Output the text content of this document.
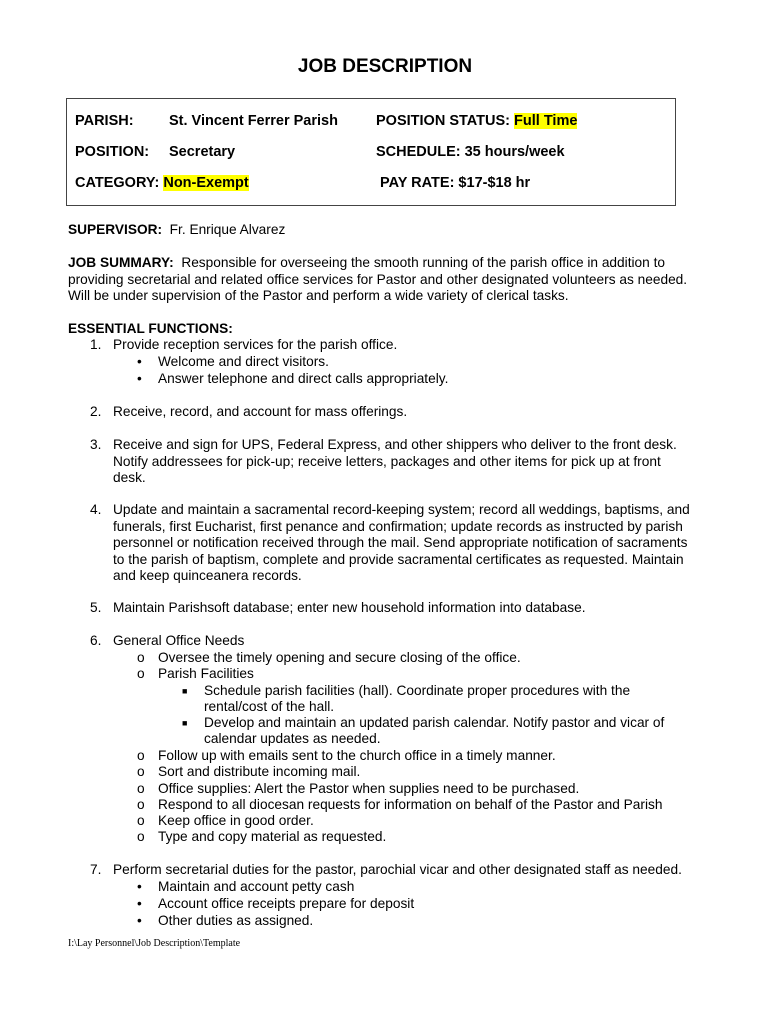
JOB DESCRIPTION
PARISH: St. Vincent Ferrer Parish	POSITION STATUS: Full Time
POSITION: Secretary	SCHEDULE: 35 hours/week
CATEGORY: Non-Exempt	PAY RATE: $17-$18 hr
SUPERVISOR: Fr. Enrique Alvarez
JOB SUMMARY: Responsible for overseeing the smooth running of the parish office in addition to
providing secretarial and related office services for Pastor and other designated volunteers as needed.
Will be under supervision of the Pastor and perform a wide variety of clerical tasks.
ESSENTIAL FUNCTIONS:
1. Provide reception services for the parish office.
• Welcome and direct visitors.
• Answer telephone and direct calls appropriately.
2. Receive, record, and account for mass offerings.
3. Receive and sign for UPS, Federal Express, and other shippers who deliver to the front desk.
Notify addressees for pick-up; receive letters, packages and other items for pick up at front
desk.
4. Update and maintain a sacramental record-keeping system; record all weddings, baptisms, and
funerals, first Eucharist, first penance and confirmation; update records as instructed by parish
personnel or notification received through the mail. Send appropriate notification of sacraments
to the parish of baptism, complete and provide sacramental certificates as requested. Maintain
and keep quinceanera records.
5. Maintain Parishsoft database; enter new household information into database.
6. General Office Needs
o Oversee the timely opening and secure closing of the office.
o Parish Facilities
■ Schedule parish facilities (hall). Coordinate proper procedures with the
rental/cost of the hall.
■ Develop and maintain an updated parish calendar. Notify pastor and vicar of
calendar updates as needed.
o Follow up with emails sent to the church office in a timely manner.
o Sort and distribute incoming mail.
o Office supplies: Alert the Pastor when supplies need to be purchased.
o Respond to all diocesan requests for information on behalf of the Pastor and Parish
o Keep office in good order.
o Type and copy material as requested.
7. Perform secretarial duties for the pastor, parochial vicar and other designated staff as needed.
• Maintain and account petty cash
• Account office receipts prepare for deposit
• Other duties as assigned.
I:\Lay Personnel\Job Description\Template
